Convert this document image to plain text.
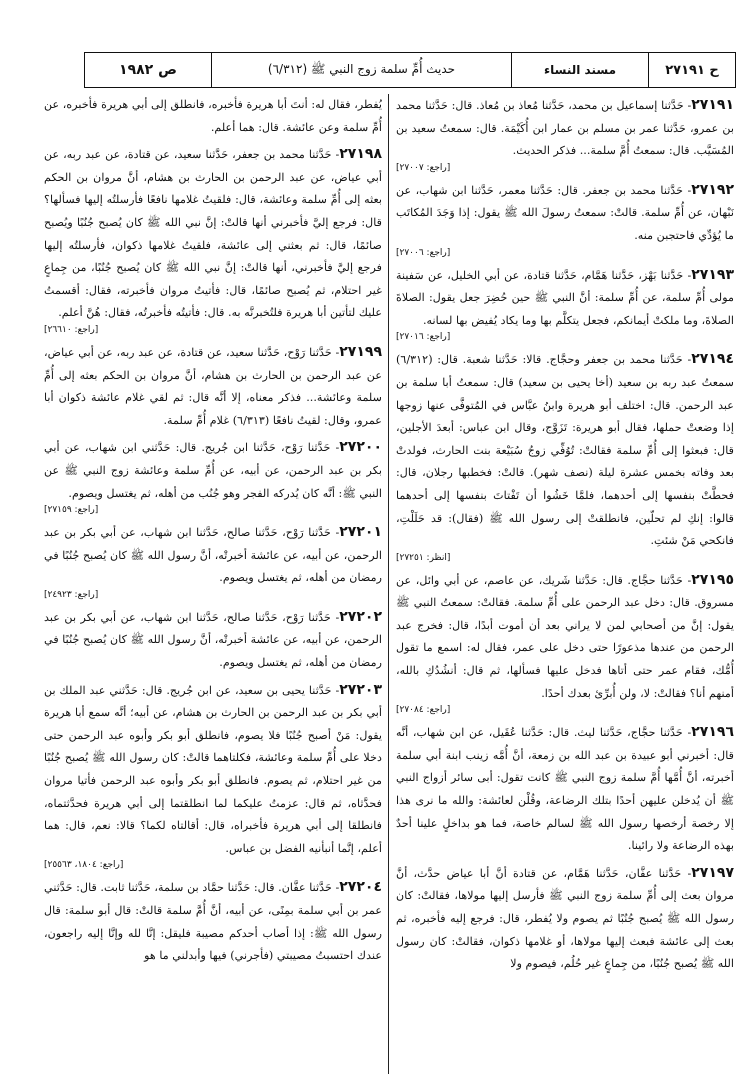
ح ٢٧١٩١
مسند النساء
حديث أُمِّ سلمة زوج النبي ﷺ (٦/٣١٢)
ص ١٩٨٢

٢٧١٩١- حَدَّثنا إسماعيل بن محمد، حَدَّثنا مُعاذ بن مُعاذ. قال: حَدَّثنا محمد بن عمرو، حَدَّثنا عمر بن مسلم بن عمار ابن أُكَيْمَة. قال: سمعتُ سعيد بن المُسَيَّب. قال: سمعتُ أُمَّ سلمة... فذكر الحديث.

[راجع: ٢٧٠٠٧]

٢٧١٩٢- حَدَّثنا محمد بن جعفر. قال: حَدَّثنا معمر، حَدَّثنا ابن شهاب، عن نَبْهان، عن أُمِّ سلمة. قالتْ: سمعتُ رسولَ الله ﷺ يقول: إذا وَجَدَ المُكاتَب ما يُؤدِّي فاحتجبن منه.

[راجع: ٢٧٠٠٦]

٢٧١٩٣- حَدَّثنا بَهْز، حَدَّثنا هَمَّام، حَدَّثنا قتادة، عن أبي الخليل، عن سَفينة مولى أُمِّ سلمة، عن أُمِّ سلمة: أنَّ النبي ﷺ حين حُضِرَ جعل يقول: الصلاةَ الصلاةَ، وما ملكتْ أيمانكم، فجعل يتكلَّم بها وما يكاد يُفيض بها لسانه.

[راجع: ٢٧٠١٦]

٢٧١٩٤- حَدَّثنا محمد بن جعفر وحجَّاج. قالا: حَدَّثنا شعبة. قال: (٦/٣١٢) سمعتُ عبد ربه بن سعيد (أخا يحيى بن سعيد) قال: سمعتُ أبا سلمة بن عبد الرحمن. قال: اختلف أبو هريرة وابنُ عبَّاس في المُتوفَّى عنها زوجها إذا وضعتْ حملها، فقال أبو هريرة: تَزَوَّج، وقال ابن عباس: أبعدَ الأجلين، قال: فبعثوا إلى أُمِّ سلمة فقالتْ: تُوُفِّي زوجُ سُبَيْعة بنت الحارث، فولدتْ بعد وفاته بخمس عشرة ليلة (نصف شهر). قالتْ: فخطبها رجلان، قال: فحطَّتْ بنفسها إلى أحدهما، فلمَّا خَشُوا أن تَفْتاتَ بنفسها إلى أحدهما قالوا: إنكِ لم تحلّين، فانطلقتْ إلى رسول الله ﷺ (فقال): قد حَلَلْتِ، فانكحي مَنْ شئتِ.

[انظر: ٢٧٢٥١]

٢٧١٩٥- حَدَّثنا حجَّاج. قال: حَدَّثنا شَريك، عن عاصم، عن أبي وائل، عن مسروق. قال: دخل عبد الرحمن على أُمِّ سلمة. فقالتْ: سمعتُ النبي ﷺ يقول: إنَّ من أصحابي لمن لا يراني بعد أن أموت أبدًا، قال: فخرج عبد الرحمن من عندها مذعورًا حتى دخل على عمر، فقال له: اسمع ما تقول أُمُّك، فقام عمر حتى أتاها فدخل عليها فسألها، ثم قال: أنشُدُكِ بالله، أمنهم أنا؟ فقالتْ: لا، ولن أُبرِّئ بعدك أحدًا.

[راجع: ٢٧٠٨٤]

٢٧١٩٦- حَدَّثنا حجَّاج، حَدَّثنا ليث. قال: حَدَّثنا عُقَيل، عن ابن شهاب، أنَّه قال: أخبرني أبو عبيدة بن عبد الله بن زمعة، أنَّ أُمَّه زينب ابنة أبي سلمة أخبرته، أنَّ أُمَّها أُمَّ سلمة زوج النبي ﷺ كانت تقول: أبى سائر أزواج النبي ﷺ أن يُدخلن عليهن أحدًا بتلك الرضاعة، وقُلْن لعائشة: والله ما نرى هذا إلا رخصة أرخصها رسول الله ﷺ لسالم خاصة، فما هو بداخلٍ علينا أحدٌ بهذه الرضاعة ولا رائينا.

٢٧١٩٧- حَدَّثنا عفَّان، حَدَّثنا هَمَّام، عن قتادة أنَّ أبا عياض حدَّث، أنَّ مروان بعث إلى أُمِّ سلمة زوج النبي ﷺ فأرسل إليها مولاها، فقالتْ: كان رسول الله ﷺ يُصبح جُنُبًا ثم يصوم ولا يُفطر، قال: فرجع إليه فأخبره، ثم بعث إلى عائشة فبعث إليها مولاها، أو غلامها ذكوان، فقالتْ: كان رسول الله ﷺ يُصبح جُنُبًا، من جِماعٍ غير حُلُم، فيصوم ولا

يُفطر، فقال له: أنتَ أبا هريرة فأخبره، فانطلق إلى أبي هريرة فأخبره، عن أُمِّ سلمة وعن عائشة. قال: هما أعلم.

٢٧١٩٨- حَدَّثنا محمد بن جعفر، حَدَّثنا سعيد، عن قتادة، عن عبد ربه، عن أبي عياض، عن عبد الرحمن بن الحارث بن هشام، أنَّ مروان بن الحكم بعثه إلى أُمِّ سلمة وعائشة، قال: فلقيتُ غلامها نافعًا فأرسلتُه إليها فسألها؟ قال: فرجع إليَّ فأخبرني أنها قالتْ: إنَّ نبي الله ﷺ كان يُصبح جُنُبًا ويُصبح صائمًا، قال: ثم بعثني إلى عائشة، فلقيتُ غلامها ذكوان، فأرسلتُه إليها فرجع إليَّ فأخبرني، أنها قالتْ: إنَّ نبي الله ﷺ كان يُصبح جُنُبًا، من جِماعٍ غير احتلام، ثم يُصبح صائمًا، قال: فأتيتُ مروان فأخبرته، فقال: أقسمتُ عليك لتأتين أبا هريرة فلتُخبرنَّه به. قال: فأتيتُه فأخبرتُه، فقال: هُنَّ أعلم.

[راجع: ٢٦٦١٠]

٢٧١٩٩- حَدَّثنا رَوْح، حَدَّثنا سعيد، عن قتادة، عن عبد ربه، عن أبي عياض، عن عبد الرحمن بن الحارث بن هشام، أنَّ مروان بن الحكم بعثه إلى أُمِّ سلمة وعائشة... فذكر معناه، إلا أنَّه قال: ثم لقي غلام عائشة ذكوان أبا عمرو، وقال: لقيتُ نافعًا (٦/٣١٣) غلام أُمِّ سلمة.

٢٧٢٠٠- حَدَّثنا رَوْح، حَدَّثنا ابن جُريج. قال: حَدَّثني ابن شهاب، عن أبي بكر بن عبد الرحمن، عن أبيه، عن أُمِّ سلمة وعائشة زوج النبي ﷺ عن النبي ﷺ: أنَّه كان يُدركه الفجر وهو جُنُب من أهله، ثم يغتسل ويصوم.

[راجع: ٢٧١٥٩]

٢٧٢٠١- حَدَّثنا رَوْح، حَدَّثنا صالح، حَدَّثنا ابن شهاب، عن أبي بكر بن عبد الرحمن، عن أبيه، عن عائشة أخبرتْه، أنَّ رسول الله ﷺ كان يُصبح جُنُبًا في رمضان من أهله، ثم يغتسل ويصوم.

[راجع: ٢٤٩٢٣]

٢٧٢٠٢- حَدَّثنا رَوْح، حَدَّثنا صالح، حَدَّثنا ابن شهاب، عن أبي بكر بن عبد الرحمن، عن أبيه، عن عائشة أخبرتْه، أنَّ رسول الله ﷺ كان يُصبح جُنُبًا في رمضان من أهله، ثم يغتسل ويصوم.

٢٧٢٠٣- حَدَّثنا يحيى بن سعيد، عن ابن جُريج. قال: حَدَّثني عبد الملك بن أبي بكر بن عبد الرحمن بن الحارث بن هشام، عن أبيه؛ أنَّه سمع أبا هريرة يقول: مَنْ أصبح جُنُبًا فلا يصوم، فانطلق أبو بكر وأبوه عبد الرحمن حتى دخلا على أُمِّ سلمة وعائشة، فكلتاهما قالتْ: كان رسول الله ﷺ يُصبح جُنُبًا من غير احتلام، ثم يصوم. فانطلق أبو بكر وأبوه عبد الرحمن فأتيا مروان فحدَّثاه، ثم قال: عزمتُ عليكما لما انطلقتما إلى أبي هريرة فحدَّثتماه، فانطلقا إلى أبي هريرة فأخبراه، قال: أقالتاه لكما؟ قالا: نعم، قال: هما أعلم، إنَّما أنبأنيه الفضل بن عباس.

[راجع: ١٨٠٤، ٢٥٥٦٣]

٢٧٢٠٤- حَدَّثنا عفَّان. قال: حَدَّثنا حمَّاد بن سلمة، حَدَّثنا ثابت. قال: حَدَّثني عمر بن أبي سلمة بمِنًى، عن أبيه، أنَّ أُمَّ سلمة قالتْ: قال أبو سلمة: قال رسول الله ﷺ: إذا أصاب أحدكم مصيبة فليقل: إنَّا لله وإنَّا إليه راجعون، عندك احتسبتُ مصيبتي (فأجرني) فيها وأبدلني ما هو
